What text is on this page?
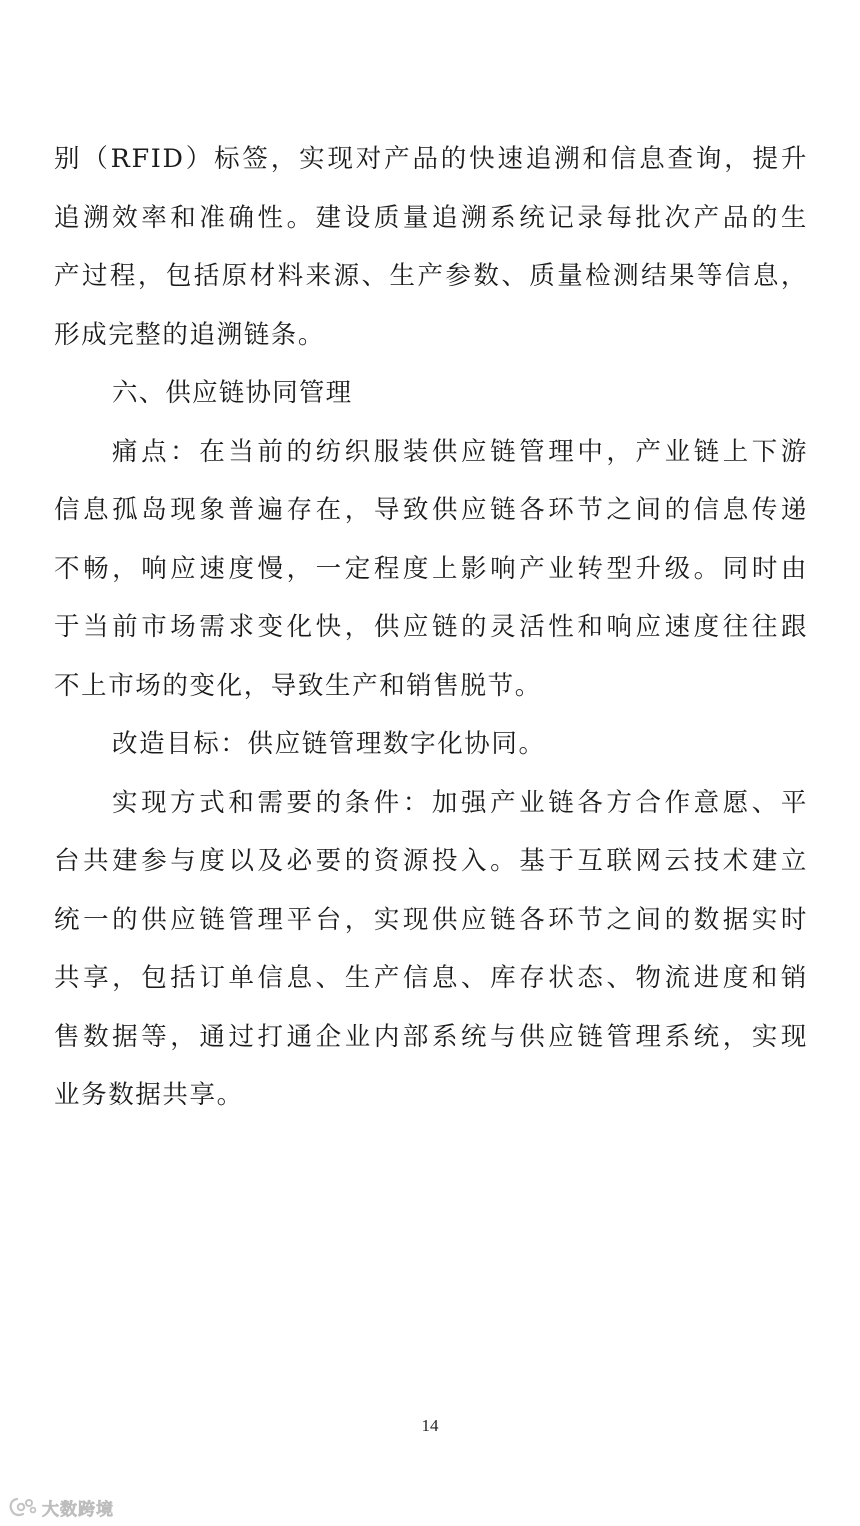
别（RFID）标签，实现对产品的快速追溯和信息查询，提升
追溯效率和准确性。建设质量追溯系统记录每批次产品的生
产过程，包括原材料来源、生产参数、质量检测结果等信息，
形成完整的追溯链条。

六、供应链协同管理

痛点：在当前的纺织服装供应链管理中，产业链上下游
信息孤岛现象普遍存在，导致供应链各环节之间的信息传递
不畅，响应速度慢，一定程度上影响产业转型升级。同时由
于当前市场需求变化快，供应链的灵活性和响应速度往往跟
不上市场的变化，导致生产和销售脱节。

改造目标：供应链管理数字化协同。

实现方式和需要的条件：加强产业链各方合作意愿、平
台共建参与度以及必要的资源投入。基于互联网云技术建立
统一的供应链管理平台，实现供应链各环节之间的数据实时
共享，包括订单信息、生产信息、库存状态、物流进度和销
售数据等，通过打通企业内部系统与供应链管理系统，实现
业务数据共享。

14
大数跨境
